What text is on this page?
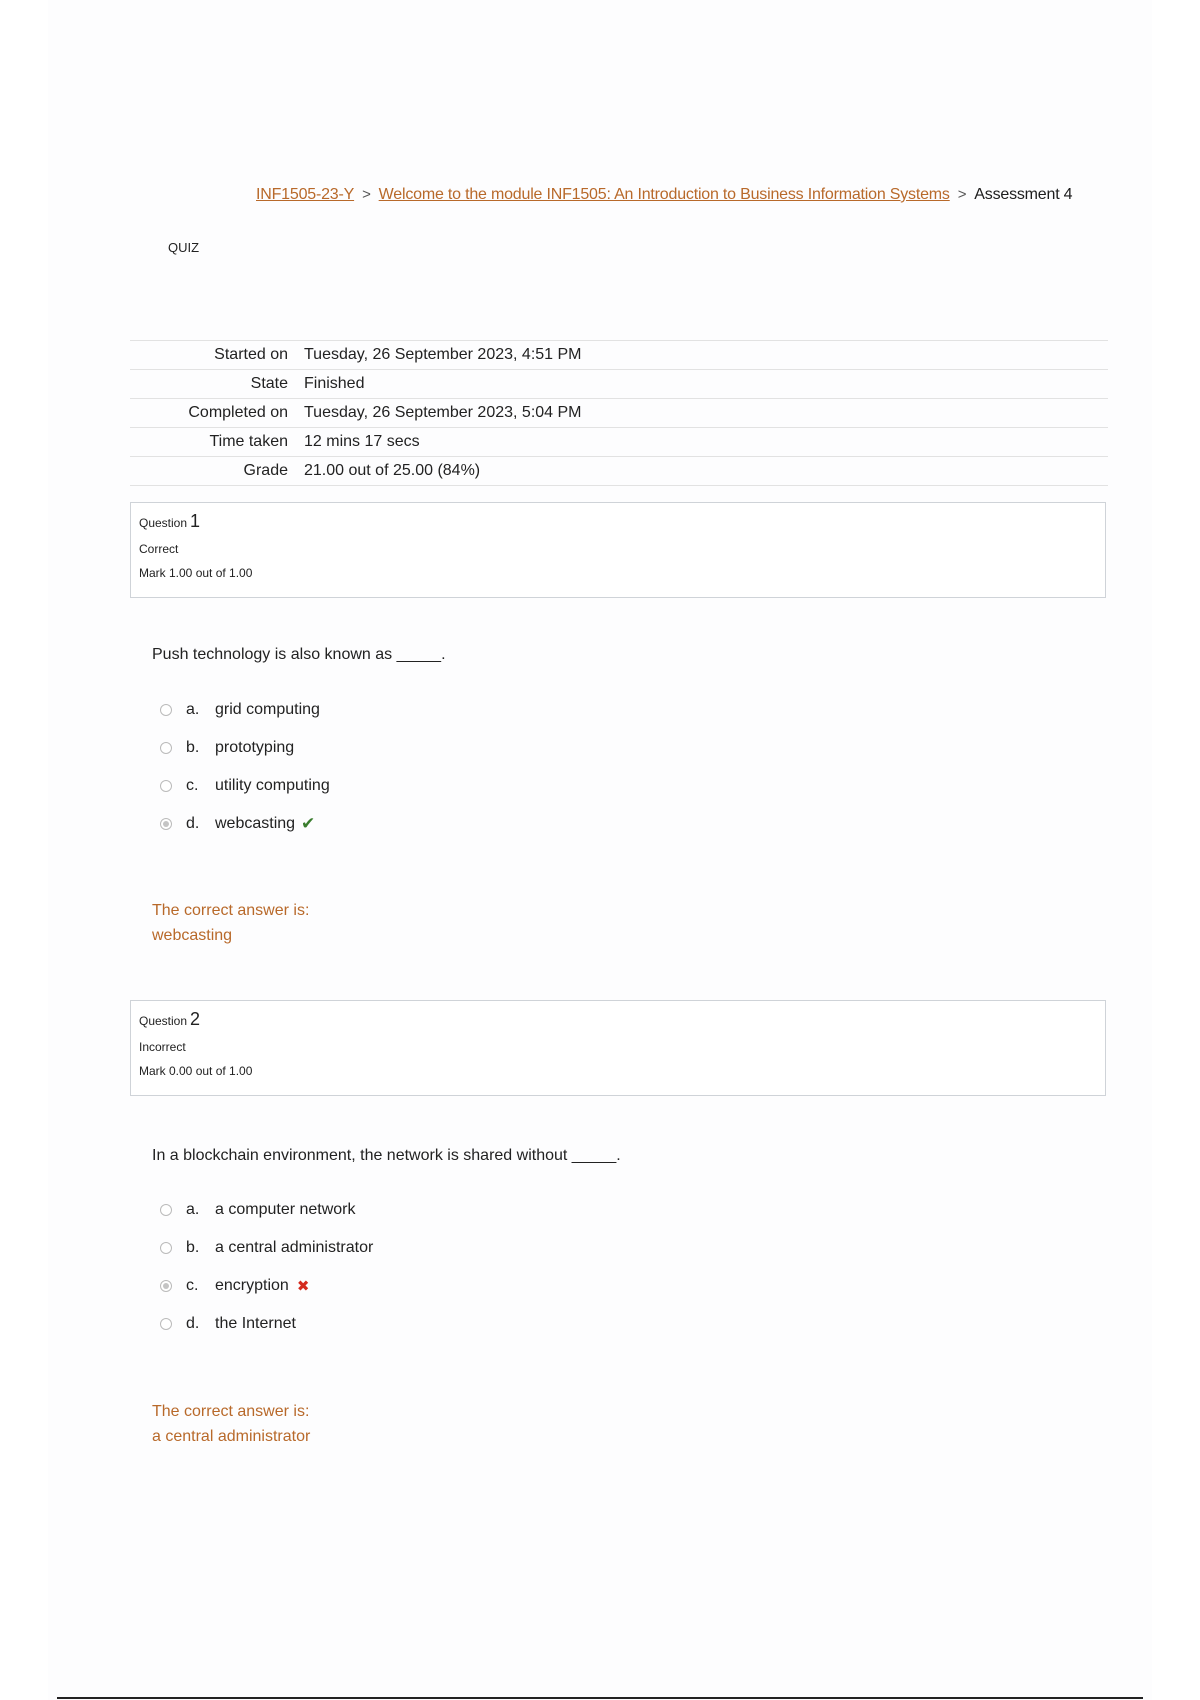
INF1505-23-Y > Welcome to the module INF1505: An Introduction to Business Information Systems > Assessment 4
QUIZ
Started on	Tuesday, 26 September 2023, 4:51 PM
State	Finished
Completed on	Tuesday, 26 September 2023, 5:04 PM
Time taken	12 mins 17 secs
Grade	21.00 out of 25.00 (84%)
Question 1
Correct
Mark 1.00 out of 1.00
Push technology is also known as _____.
a. grid computing
b. prototyping
c.	utility computing
d. webcasting ✔
The correct answer is:
webcasting
Question 2
Incorrect
Mark 0.00 out of 1.00
In a blockchain environment, the network is shared without _____.
a. a computer network
b. a central administrator
c.	encryption ✖
d. the Internet
The correct answer is:
a central administrator
